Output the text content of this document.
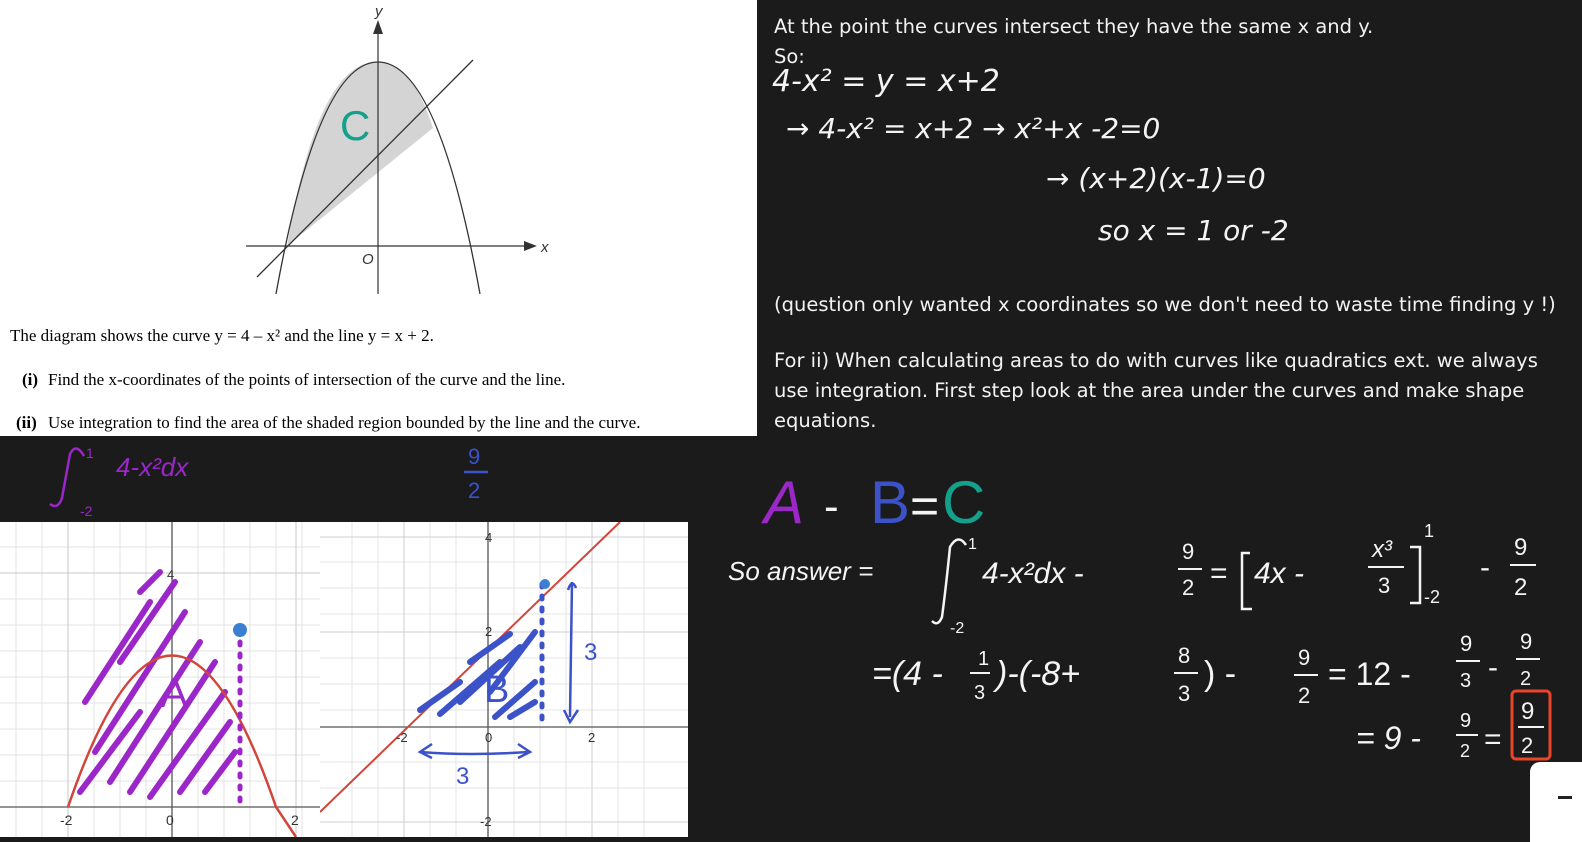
y
x
O
C
The diagram shows the curve y = 4 – x² and the line y = x + 2.
(i) Find the x-coordinates of the points of intersection of the curve and the line.
(ii) Use integration to find the area of the shaded region bounded by the line and the curve.
1
-2
4-x²dx	9
2
A
4
-2	0	2
B
3
3
4
2
-2
-2	0	2
At the point the curves intersect they have the same x and y.
So:
4-x² = y = x+2
→ 4-x² = x+2 → x²+x -2=0
→ (x+2)(x-1)=0
so x = 1 or -2
(question only wanted x coordinates so we don't need to waste time finding y !)
For ii) When calculating areas to do with curves like quadratics ext. we always use integration. First step look at the area under the curves and make shape equations.
A - B = C
So answer =
1
-2
4-x²dx -
9
2 = 4x -
x³
3
1
-2
-
9
2
=(4 - 1
3 )-(-8+	8
3
) -	9
2
= 12 -
9
3 -
9
2
= 9 - 9
2 =
9
2
